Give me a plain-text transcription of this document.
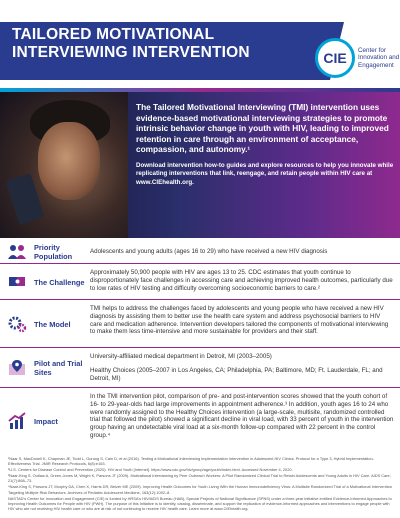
TAILORED MOTIVATIONAL INTERVIEWING INTERVENTION	CIE	Center for Innovation and Engagement

The Tailored Motivational Interviewing (TMI) intervention uses evidence-based motivational interviewing strategies to promote intrinsic behavior change in youth with HIV, leading to improved retention in care through an environment of acceptance, compassion, and autonomy.¹

Download intervention how-to guides and explore resources to help you innovate while replicating interventions that link, reengage, and retain people within HIV care at www.CIEhealth.org.

Priority Population

Adolescents and young adults (ages 16 to 29) who have received a new HIV diagnosis

The Challenge

Approximately 50,900 people with HIV are ages 13 to 25. CDC estimates that youth continue to disproportionately face challenges in accessing care and achieving improved health outcomes, particularly due to low rates of HIV testing and difficulty overcoming socioeconomic barriers to care.²

The Model

TMI helps to address the challenges faced by adolescents and young people who have received a new HIV diagnosis by assisting them to better use the health care system and address psychosocial barriers to HIV care and medication adherence. Intervention developers tailored the components of motivational interviewing to make them less time-intensive and more sustainable for providers and their staff.

Pilot and Trial Sites

University-affiliated medical department in Detroit, MI (2003–2005)

Healthy Choices (2005–2007 in Los Angeles, CA; Philadelphia, PA; Baltimore, MD; Ft. Lauderdale, FL; and Detroit, MI)

Impact

In the TMI intervention pilot, comparison of pre- and post-intervention scores showed that the youth cohort of 16- to 29-year-olds had large improvements in appointment adherence.³ In addition, youth ages 16 to 24 who were randomly assigned to the Healthy Choices intervention (a large-scale, multisite, randomized controlled trial that followed the pilot) showed a significant decline in viral load, with 33 percent of youth in the intervention group having an undetectable viral load at a six-month follow-up compared with 22 percent in the control group.⁴

¹Naar S, MacDonell K, Chapman JE, Todd L, Gurung S, Cain D, et al (2016). Testing a Motivational Interviewing Implementation Intervention in Adolescent HIV Clinics: Protocol for a Type 3, Hybrid Implementation-Effectiveness Trial. JMIR Research Protocols, 6(8):e163.

²U.S. Centers for Disease Control and Prevention (2020). HIV and Youth [Internet]. https://www.cdc.gov/hiv/group/age/youth/index.html. Accessed November 4, 2020.

³Naar-King S, Outlaw A, Green-Jones M, Wright K, Parsons JT (2009). Motivational Interviewing by Peer Outreach Workers: A Pilot Randomized Clinical Trial to Retain Adolescents and Young Adults in HIV Care. AIDS Care, 21(7):868–73.

⁴Naar-King S, Parsons JT, Murphy DA, Chen X, Harris DR, Belzer ME (2009). Improving Health Outcomes for Youth Living With the Human Immunodeficiency Virus: A Multisite Randomized Trial of a Motivational Intervention Targeting Multiple Risk Behaviors. Archives of Pediatric Adolescent Medicine, 163(12):1092–8.

NASTAD's Center for Innovation and Engagement (CIE) is funded by HRSA's HIV/AIDS Bureau (HAB), Special Projects of National Significance (SPNS) under a three-year initiative entitled Evidence-Informed Approaches to Improving Health Outcomes for People with HIV (PWH). The purpose of this initiative is to identify, catalog, disseminate, and support the replication of evidence-informed approaches and interventions to engage people with HIV who are not receiving HIV health care or who are at risk of not continuing to receive HIV health care. Learn more at www.CIEhealth.org.
